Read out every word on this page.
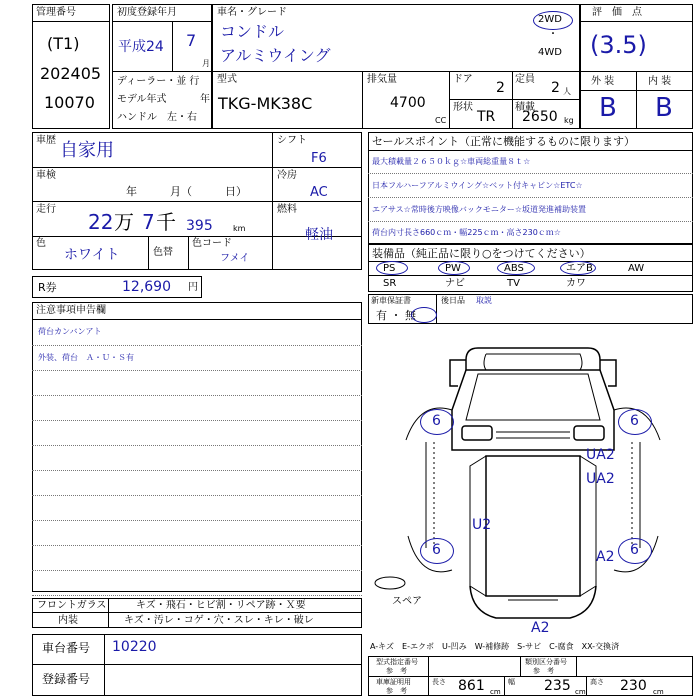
管理番号
(T1)
202405
10070
初度登録年月
平成 24 7
月
ディーラー・並 行
モデル年式	年
ハンドル　左・右
車名・グレード
コンドル
アルミウイング
2WD
・
4WD
型式
TKG-MK38C
排気量
4700
CC
ドア
2
定員
2 人
形状
TR
積載
2650 kg
評　価　点
(3.5)
外 装	内 装
B B
車歴 自家用
車検
年　　　月（　　　日）
走行
22 万 7 千 395	km
色
ホワイト	色替
色コード
フメイ
シフト
F6
冷房
AC
燃料
軽油
R券	12,690 円
セールスポイント（正常に機能するものに限ります）
最大積載量２６５０ｋｇ☆車両総重量８ｔ☆
日本フルハーフアルミウイング☆ベット付キャビン☆ETC☆
エアサス☆常時後方映像バックモニター☆坂道発進補助装置
荷台内寸長さ660ｃｍ・幅225ｃｍ・高さ230ｃｍ☆
装備品（純正品に限り○をつけてください）
PS	PW	ABS	エアB	AW
SR	ナビ	TV	カワ
新車保証書
有 ・ 無
後日品 取説
注意事項申告欄
荷台カンバンアト
外装、荷台　Ａ・Ｕ・Ｓ有
フロントガラス	キズ・飛石・ヒビ割・リペア跡・Ｘ要
内装	キズ・汚レ・コゲ・穴・スレ・キレ・破レ
車台番号 10220
登録番号
6	6
6	6
UA2
UA2
U2
A2
A2
スペア
A-キズ　E-エクボ　U-凹み　W-補修跡　S-サビ　C-腐食　XX-交換済
型式指定番号
参　考
類別区分番号
参　考
車庫証明用
参　考
長さ 861 cm
幅 235 cm
高さ 230 cm
